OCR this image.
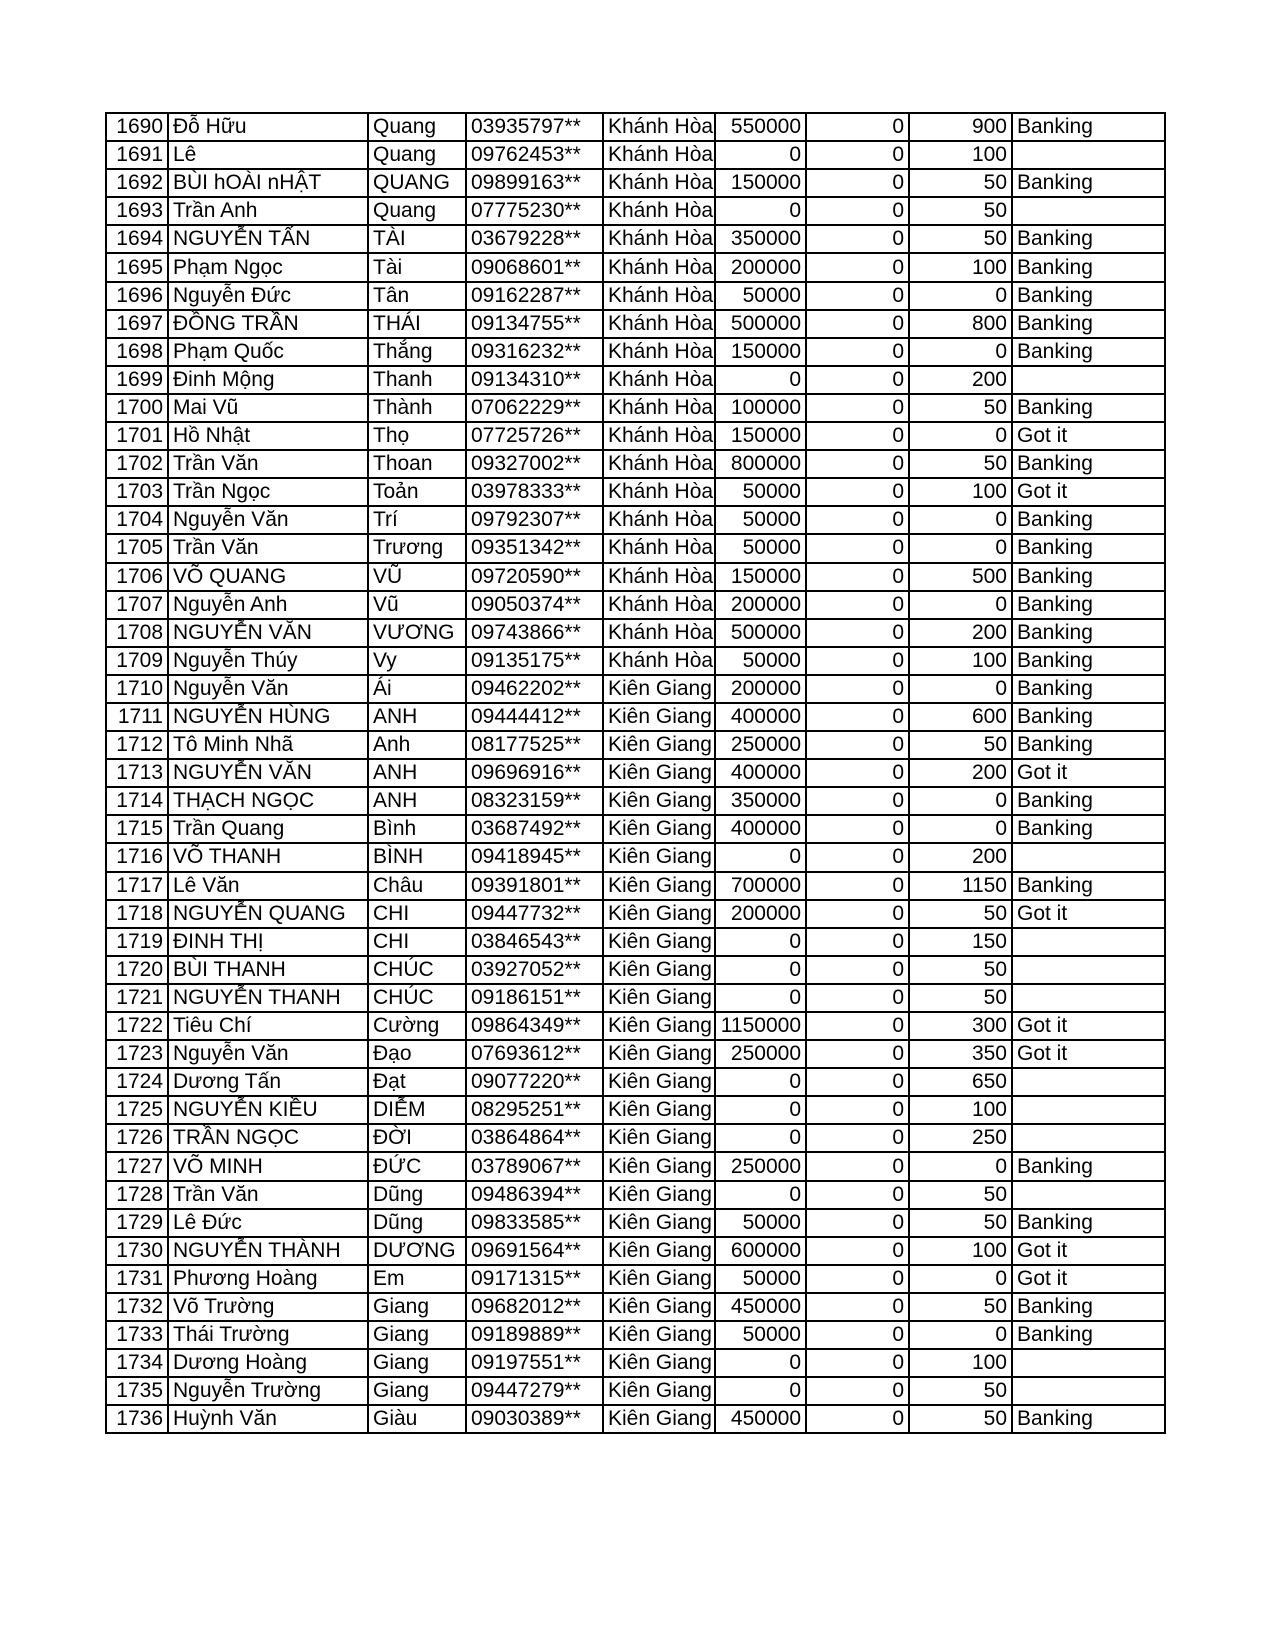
1690	Đỗ Hữu	Quang	03935797**	Khánh Hòa	550000	0	900	Banking
1691	Lê	Quang	09762453**	Khánh Hòa	0	0	100	
1692	BÙI hOÀI nHẬT	QUANG	09899163**	Khánh Hòa	150000	0	50	Banking
1693	Trần Anh	Quang	07775230**	Khánh Hòa	0	0	50	
1694	NGUYỄN TẤN	TÀI	03679228**	Khánh Hòa	350000	0	50	Banking
1695	Phạm Ngọc	Tài	09068601**	Khánh Hòa	200000	0	100	Banking
1696	Nguyễn Đức	Tân	09162287**	Khánh Hòa	50000	0	0	Banking
1697	ĐỒNG TRẦN	THÁI	09134755**	Khánh Hòa	500000	0	800	Banking
1698	Phạm Quốc	Thắng	09316232**	Khánh Hòa	150000	0	0	Banking
1699	Đinh Mộng	Thanh	09134310**	Khánh Hòa	0	0	200	
1700	Mai Vũ	Thành	07062229**	Khánh Hòa	100000	0	50	Banking
1701	Hồ Nhật	Thọ	07725726**	Khánh Hòa	150000	0	0	Got it
1702	Trần Văn	Thoan	09327002**	Khánh Hòa	800000	0	50	Banking
1703	Trần Ngọc	Toản	03978333**	Khánh Hòa	50000	0	100	Got it
1704	Nguyễn Văn	Trí	09792307**	Khánh Hòa	50000	0	0	Banking
1705	Trần Văn	Trương	09351342**	Khánh Hòa	50000	0	0	Banking
1706	VÕ QUANG	VŨ	09720590**	Khánh Hòa	150000	0	500	Banking
1707	Nguyễn Anh	Vũ	09050374**	Khánh Hòa	200000	0	0	Banking
1708	NGUYỄN VĂN	VƯƠNG	09743866**	Khánh Hòa	500000	0	200	Banking
1709	Nguyễn Thúy	Vy	09135175**	Khánh Hòa	50000	0	100	Banking
1710	Nguyễn Văn	Ái	09462202**	Kiên Giang	200000	0	0	Banking
1711	NGUYỄN HÙNG	ANH	09444412**	Kiên Giang	400000	0	600	Banking
1712	Tô Minh Nhã	Anh	08177525**	Kiên Giang	250000	0	50	Banking
1713	NGUYỄN VĂN	ANH	09696916**	Kiên Giang	400000	0	200	Got it
1714	THẠCH NGỌC	ANH	08323159**	Kiên Giang	350000	0	0	Banking
1715	Trần Quang	Bình	03687492**	Kiên Giang	400000	0	0	Banking
1716	VÕ THANH	BÌNH	09418945**	Kiên Giang	0	0	200	
1717	Lê Văn	Châu	09391801**	Kiên Giang	700000	0	1150	Banking
1718	NGUYỄN QUANG	CHI	09447732**	Kiên Giang	200000	0	50	Got it
1719	ĐINH THỊ	CHI	03846543**	Kiên Giang	0	0	150	
1720	BÙI THANH	CHÚC	03927052**	Kiên Giang	0	0	50	
1721	NGUYỄN THANH	CHÚC	09186151**	Kiên Giang	0	0	50	
1722	Tiêu Chí	Cường	09864349**	Kiên Giang	1150000	0	300	Got it
1723	Nguyễn Văn	Đạo	07693612**	Kiên Giang	250000	0	350	Got it
1724	Dương Tấn	Đạt	09077220**	Kiên Giang	0	0	650	
1725	NGUYỄN KIỀU	DIỄM	08295251**	Kiên Giang	0	0	100	
1726	TRẦN NGỌC	ĐỜI	03864864**	Kiên Giang	0	0	250	
1727	VÕ MINH	ĐỨC	03789067**	Kiên Giang	250000	0	0	Banking
1728	Trần Văn	Dũng	09486394**	Kiên Giang	0	0	50	
1729	Lê Đức	Dũng	09833585**	Kiên Giang	50000	0	50	Banking
1730	NGUYỄN THÀNH	DƯƠNG	09691564**	Kiên Giang	600000	0	100	Got it
1731	Phương Hoàng	Em	09171315**	Kiên Giang	50000	0	0	Got it
1732	Võ Trường	Giang	09682012**	Kiên Giang	450000	0	50	Banking
1733	Thái Trường	Giang	09189889**	Kiên Giang	50000	0	0	Banking
1734	Dương Hoàng	Giang	09197551**	Kiên Giang	0	0	100	
1735	Nguyễn Trường	Giang	09447279**	Kiên Giang	0	0	50	
1736	Huỳnh Văn	Giàu	09030389**	Kiên Giang	450000	0	50	Banking
